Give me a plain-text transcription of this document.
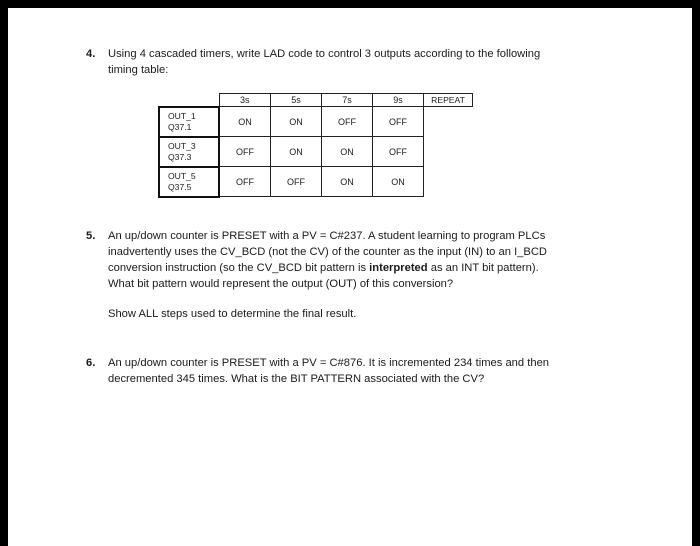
4. Using 4 cascaded timers, write LAD code to control 3 outputs according to the following
timing table:
	3s	5s	7s	9s	REPEAT

OUT_1
Q37.1	ON	ON	OFF	OFF	

OUT_3
Q37.3	OFF	ON	ON	OFF	

OUT_5
Q37.5	OFF	OFF	ON	ON	
5. An up/down counter is PRESET with a PV = C#237. A student learning to program PLCs
inadvertently uses the CV_BCD (not the CV) of the counter as the input (IN) to an I_BCD
conversion instruction (so the CV_BCD bit pattern is interpreted as an INT bit pattern).
What bit pattern would represent the output (OUT) of this conversion?
Show ALL steps used to determine the final result.
6. An up/down counter is PRESET with a PV = C#876. It is incremented 234 times and then
decremented 345 times. What is the BIT PATTERN associated with the CV?
